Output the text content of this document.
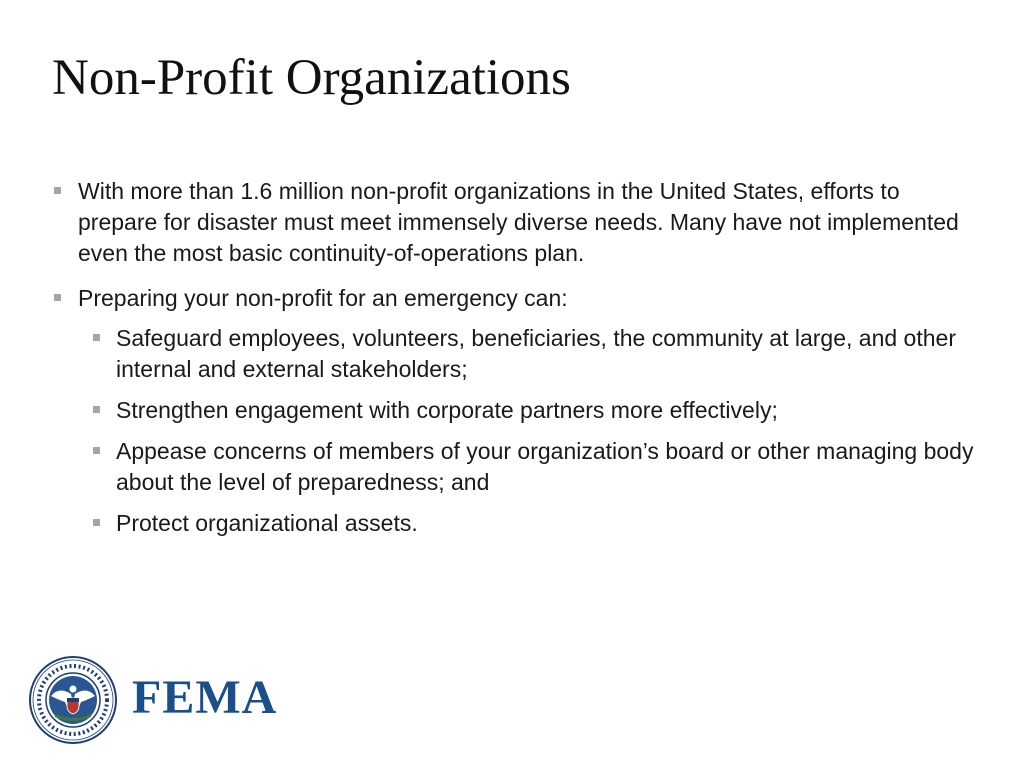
Non-Profit Organizations
With more than 1.6 million non-profit organizations in the United States, efforts to prepare for disaster must meet immensely diverse needs. Many have not implemented even the most basic continuity-of-operations plan.
Preparing your non-profit for an emergency can:
Safeguard employees, volunteers, beneficiaries, the community at large, and other internal and external stakeholders;
Strengthen engagement with corporate partners more effectively;
Appease concerns of members of your organization’s board or other managing body about the level of preparedness; and
Protect organizational assets.
FEMA
